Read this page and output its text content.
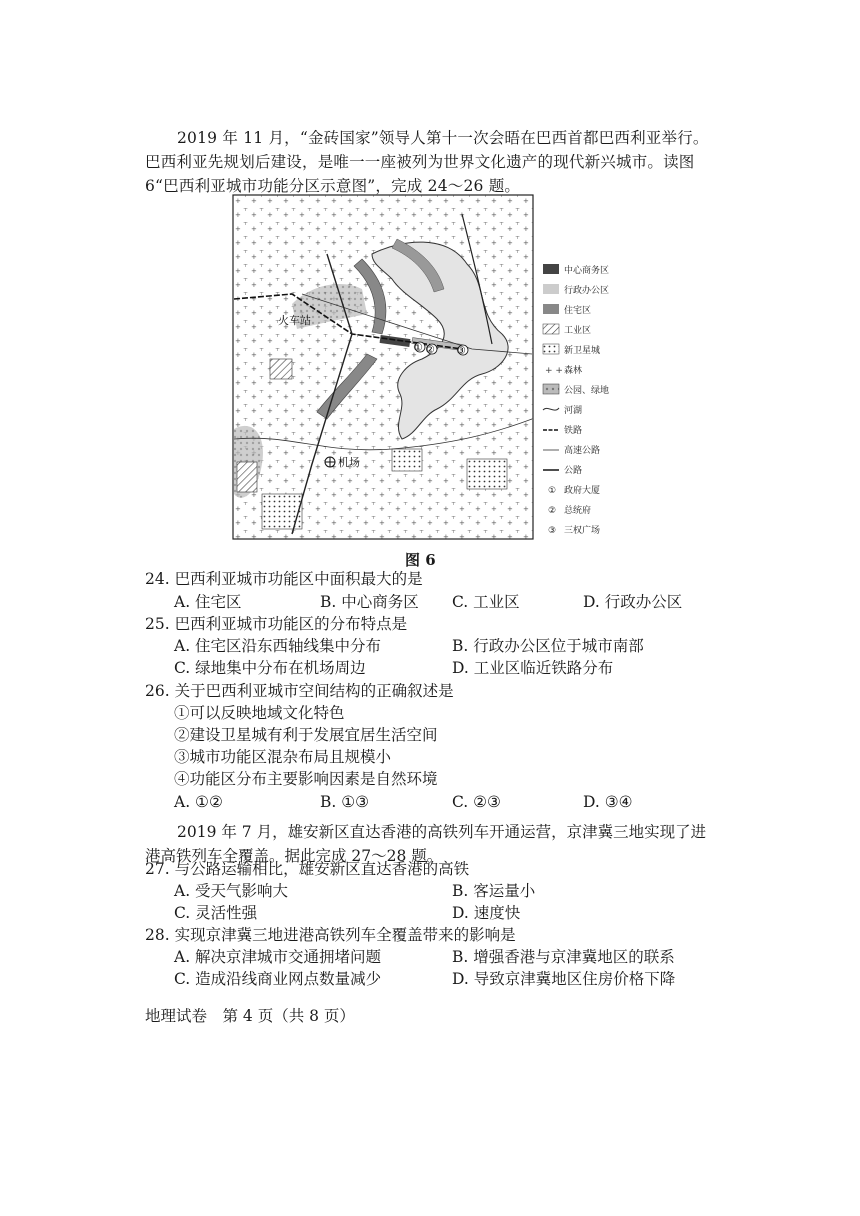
2019 年 11 月，“金砖国家”领导人第十一次会晤在巴西首都巴西利亚举行。巴西利亚先规划后建设，是唯一一座被列为世界文化遗产的现代新兴城市。读图 6“巴西利亚城市功能分区示意图”，完成 24～26 题。
火车站
① ② ③
机场
中心商务区
行政办公区
住宅区
工业区
新卫星城
+ + 森林
公园、绿地
河湖
铁路
高速公路
公路
① 政府大厦
② 总统府
③ 三权广场
图 6
24. 巴西利亚城市功能区中面积最大的是
A. 住宅区	B. 中心商务区 C. 工业区	D. 行政办公区
25. 巴西利亚城市功能区的分布特点是
A. 住宅区沿东西轴线集中分布	B. 行政办公区位于城市南部
C. 绿地集中分布在机场周边	D. 工业区临近铁路分布
26. 关于巴西利亚城市空间结构的正确叙述是
①可以反映地域文化特色
②建设卫星城有利于发展宜居生活空间
③城市功能区混杂布局且规模小
④功能区分布主要影响因素是自然环境
A. ①②	B. ①③	C. ②③	D. ③④
2019 年 7 月，雄安新区直达香港的高铁列车开通运营，京津冀三地实现了进港高铁列车全覆盖。据此完成 27～28 题。
27. 与公路运输相比，雄安新区直达香港的高铁
A. 受天气影响大	B. 客运量小
C. 灵活性强	D. 速度快
28. 实现京津冀三地进港高铁列车全覆盖带来的影响是
A. 解决京津城市交通拥堵问题	B. 增强香港与京津冀地区的联系
C. 造成沿线商业网点数量减少	D. 导致京津冀地区住房价格下降
地理试卷　第 4 页（共 8 页）
